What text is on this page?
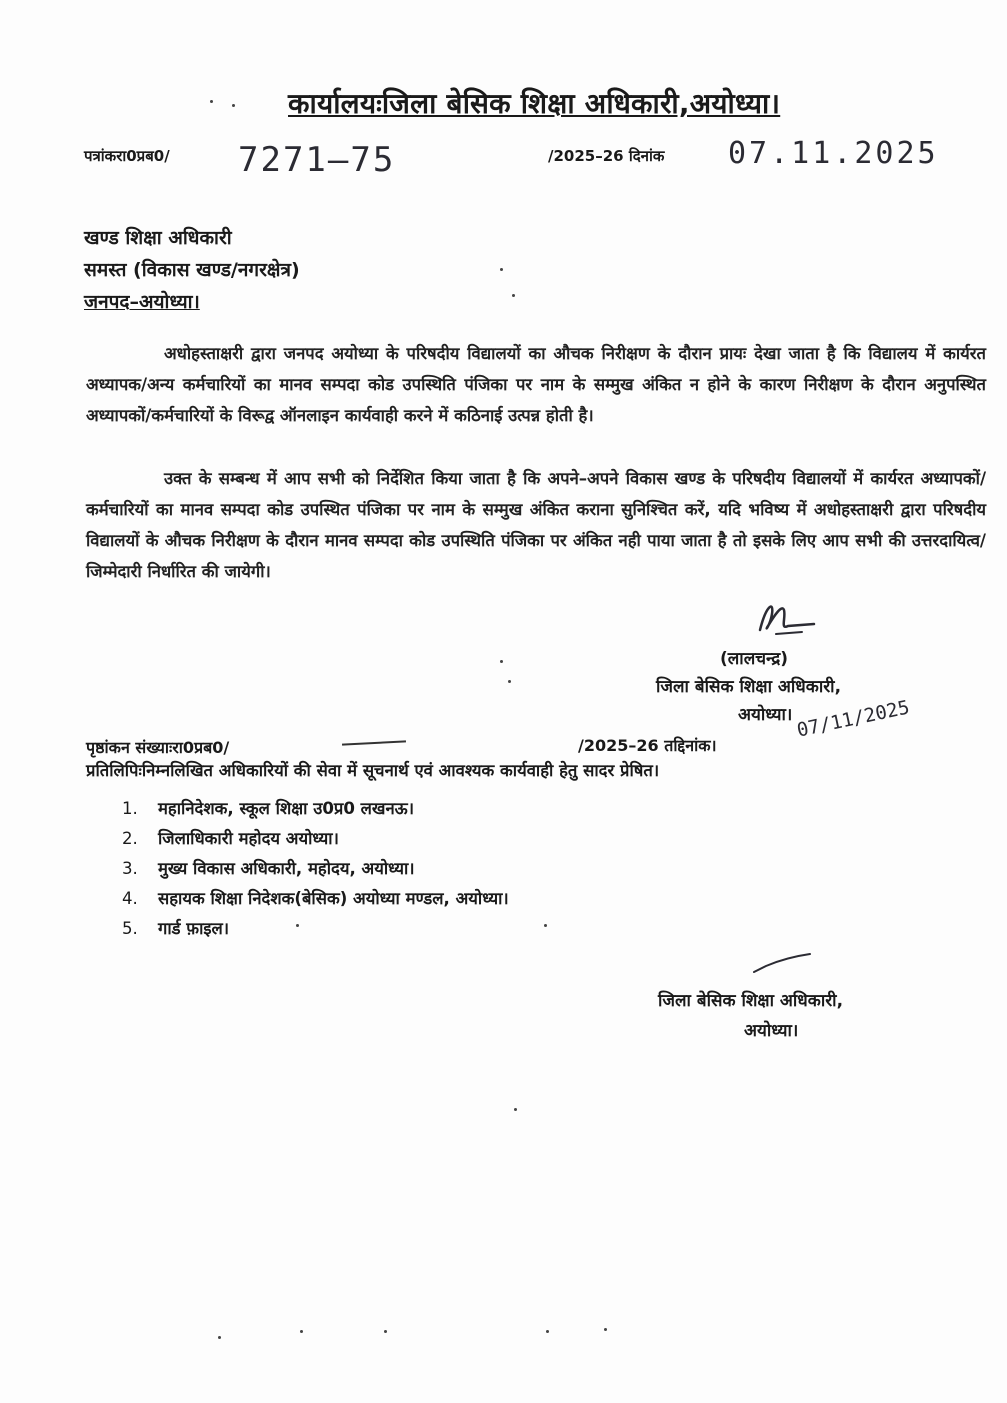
कार्यालयःजिला बेसिक शिक्षा अधिकारी,अयोध्या।
पत्रांकरा0प्रब0/ 7271–75	/2025–26 दिनांक 07.11.2025
खण्ड शिक्षा अधिकारी
समस्त (विकास खण्ड/नगरक्षेत्र)
जनपद–अयोध्या।
अधोहस्ताक्षरी द्वारा जनपद अयोध्या के परिषदीय विद्यालयों का औचक निरीक्षण के दौरान प्रायः देखा जाता है कि विद्यालय में कार्यरत अध्यापक/अन्य कर्मचारियों का मानव सम्पदा कोड उपस्थिति पंजिका पर नाम के सम्मुख अंकित न होने के कारण निरीक्षण के दौरान अनुपस्थित अध्यापकों/कर्मचारियों के विरूद्व ऑनलाइन कार्यवाही करने में कठिनाई उत्पन्न होती है।
उक्त के सम्बन्ध में आप सभी को निर्देशित किया जाता है कि अपने–अपने विकास खण्ड के परिषदीय विद्यालयों में कार्यरत अध्यापकों/कर्मचारियों का मानव सम्पदा कोड उपस्थित पंजिका पर नाम के सम्मुख अंकित कराना सुनिश्चित करें, यदि भविष्य में अधोहस्ताक्षरी द्वारा परिषदीय विद्यालयों के औचक निरीक्षण के दौरान मानव सम्पदा कोड उपस्थिति पंजिका पर अंकित नही पाया जाता है तो इसके लिए आप सभी की उत्तरदायित्व/जिम्मेदारी निर्धारित की जायेगी।
(लालचन्द्र)
जिला बेसिक शिक्षा अधिकारी,
अयोध्या। 07/11/2025
पृष्ठांकन संख्याःरा0प्रब0/	/2025–26 तद्दिनांक।
प्रतिलिपिःनिम्नलिखित अधिकारियों की सेवा में सूचनार्थ एवं आवश्यक कार्यवाही हेतु सादर प्रेषित।
1. महानिदेशक, स्कूल शिक्षा उ0प्र0 लखनऊ।
2. जिलाधिकारी महोदय अयोध्या।
3. मुख्य विकास अधिकारी, महोदय, अयोध्या।
4. सहायक शिक्षा निदेशक(बेसिक) अयोध्या मण्डल, अयोध्या।
5. गार्ड फ़ाइल।
जिला बेसिक शिक्षा अधिकारी,
अयोध्या।
